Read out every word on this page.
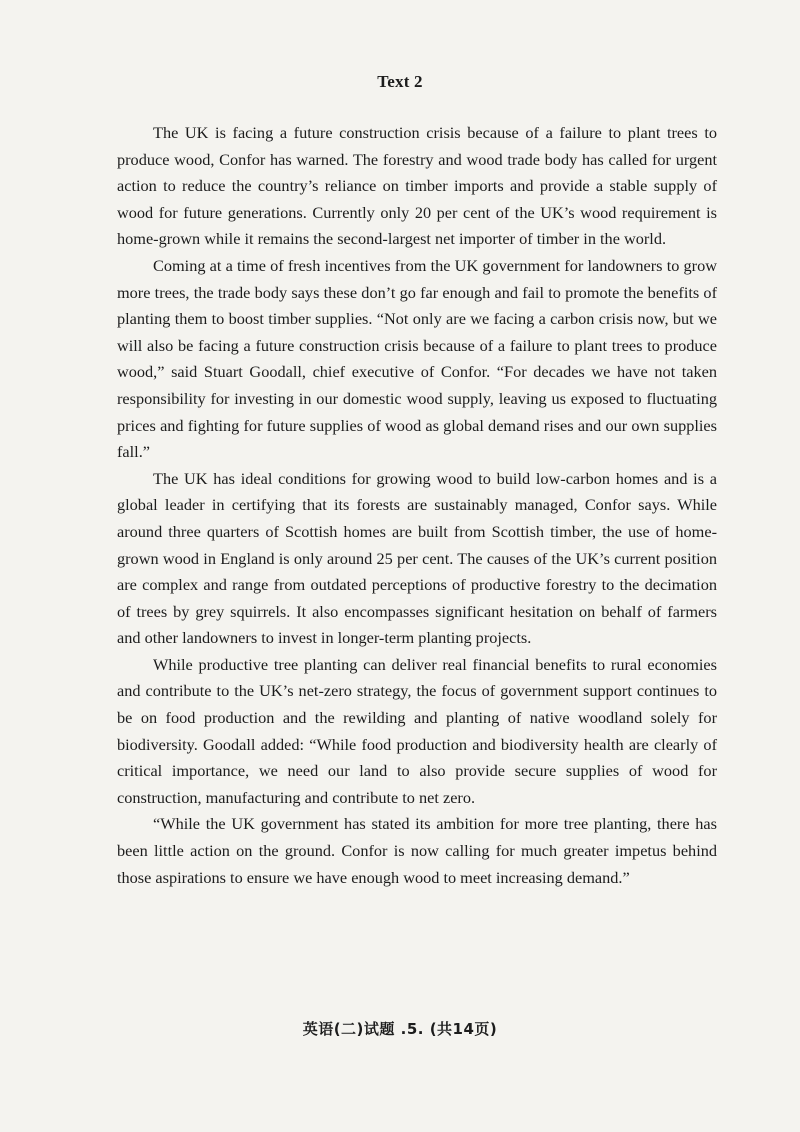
Text 2

The UK is facing a future construction crisis because of a failure to plant trees to produce wood, Confor has warned. The forestry and wood trade body has called for urgent action to reduce the country’s reliance on timber imports and provide a stable supply of wood for future generations. Currently only 20 per cent of the UK’s wood requirement is home-grown while it remains the second-largest net importer of timber in the world.

Coming at a time of fresh incentives from the UK government for landowners to grow more trees, the trade body says these don’t go far enough and fail to promote the benefits of planting them to boost timber supplies. “Not only are we facing a carbon crisis now, but we will also be facing a future construction crisis because of a failure to plant trees to produce wood,” said Stuart Goodall, chief executive of Confor. “For decades we have not taken responsibility for investing in our domestic wood supply, leaving us exposed to fluctuating prices and fighting for future supplies of wood as global demand rises and our own supplies fall.”

The UK has ideal conditions for growing wood to build low-carbon homes and is a global leader in certifying that its forests are sustainably managed, Confor says. While around three quarters of Scottish homes are built from Scottish timber, the use of home-grown wood in England is only around 25 per cent. The causes of the UK’s current position are complex and range from outdated perceptions of productive forestry to the decimation of trees by grey squirrels. It also encompasses significant hesitation on behalf of farmers and other landowners to invest in longer-term planting projects.

While productive tree planting can deliver real financial benefits to rural economies and contribute to the UK’s net-zero strategy, the focus of government support continues to be on food production and the rewilding and planting of native woodland solely for biodiversity. Goodall added: “While food production and biodiversity health are clearly of critical importance, we need our land to also provide secure supplies of wood for construction, manufacturing and contribute to net zero.

“While the UK government has stated its ambition for more tree planting, there has been little action on the ground. Confor is now calling for much greater impetus behind those aspirations to ensure we have enough wood to meet increasing demand.”

英语(二)试题 .5. (共14页)
